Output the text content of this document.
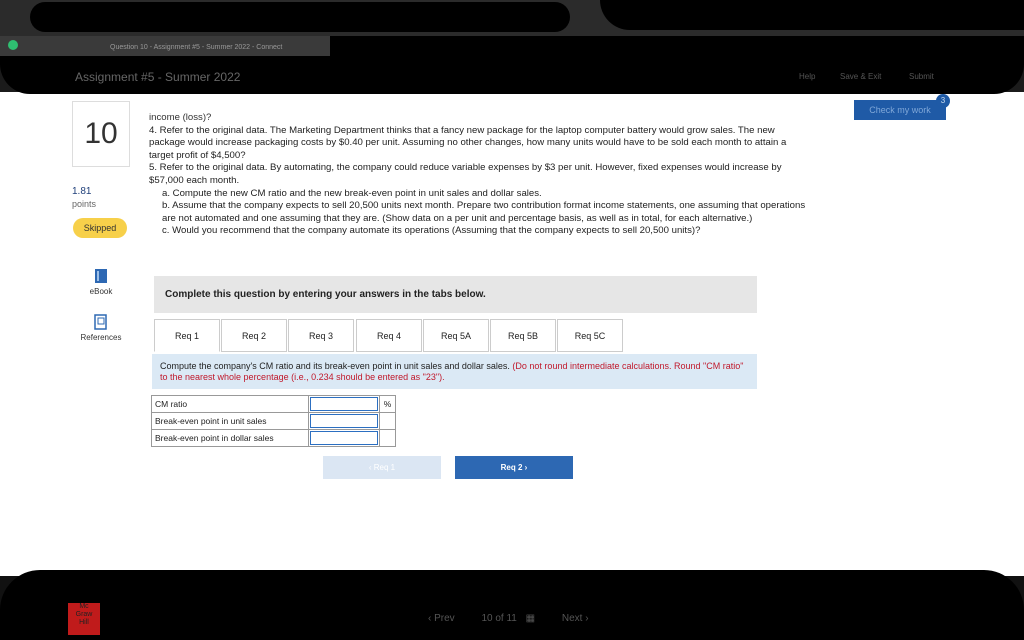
Question 10 - Assignment #5 - Summer 2022 - Connect
Assignment #5 - Summer 2022	Help	Save & Exit	Submit
Check my work
3
10
1.81
points
Skipped
eBook
References

income (loss)?

4. Refer to the original data. The Marketing Department thinks that a fancy new package for the laptop computer battery would grow sales. The new package would increase packaging costs by $0.40 per unit. Assuming no other changes, how many units would have to be sold each month to attain a target profit of $4,500?

5. Refer to the original data. By automating, the company could reduce variable expenses by $3 per unit. However, fixed expenses would increase by $57,000 each month.

a. Compute the new CM ratio and the new break-even point in unit sales and dollar sales.

b. Assume that the company expects to sell 20,500 units next month. Prepare two contribution format income statements, one assuming that operations are not automated and one assuming that they are. (Show data on a per unit and percentage basis, as well as in total, for each alternative.)

c. Would you recommend that the company automate its operations (Assuming that the company expects to sell 20,500 units)?

Complete this question by entering your answers in the tabs below.
Req 1	Req 2	Req 3	Req 4	Req 5A	Req 5B	Req 5C
Compute the company's CM ratio and its break-even point in unit sales and dollar sales. (Do not round intermediate calculations. Round "CM ratio" to the nearest whole percentage (i.e., 0.234 should be entered as "23").
CM ratio		%
Break-even point in unit sales		
Break-even point in dollar sales		
‹ Req 1	Req 2 ›
Mc
Graw
Hill	‹ Prev	10 of 11 ▦	Next ›
